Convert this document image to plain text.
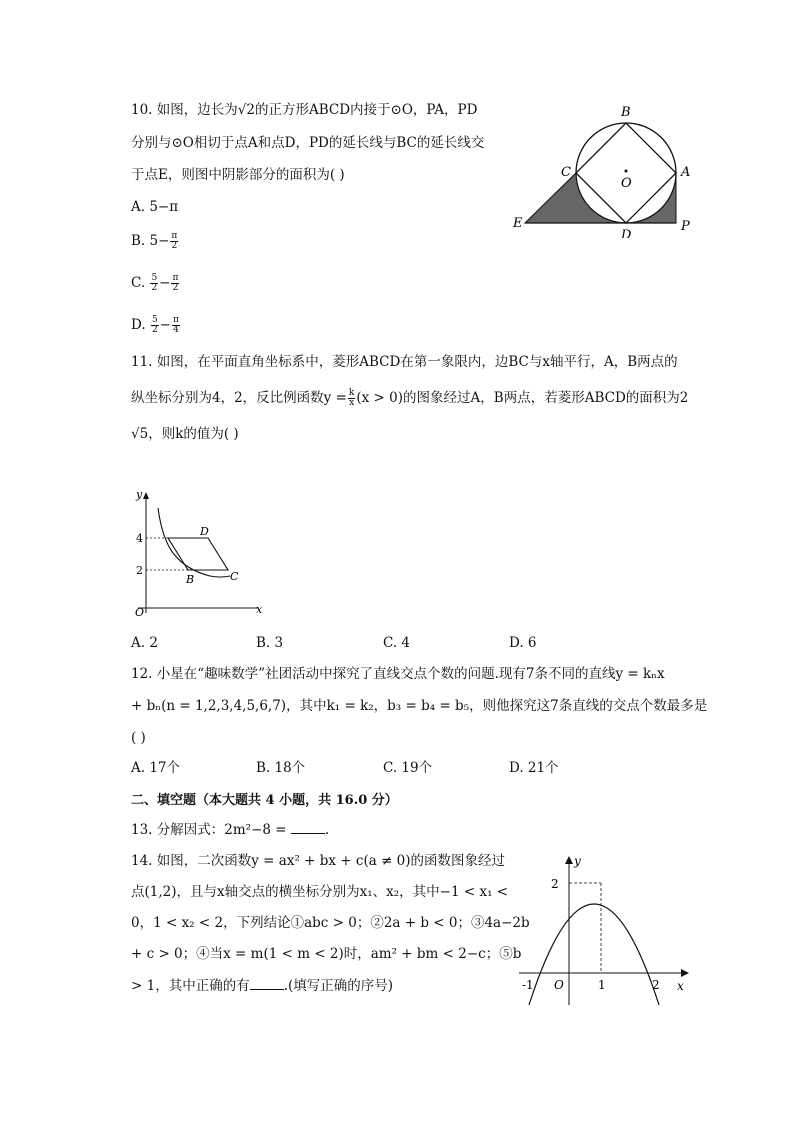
10. 如图，边长为√2的正方形ABCD内接于⊙O，PA，PD
分别与⊙O相切于点A和点D，PD的延长线与BC的延长线交
于点E，则图中阴影部分的面积为( )
A. 5−π
B. $5- \frac{\pi}{2}$
C. $\frac{5}{2} - \frac{\pi}{2}$
D. $\frac{5}{2} - \frac{\pi}{4}$
B
C
O
A
E
D
P
11. 如图，在平面直角坐标系中，菱形ABCD在第一象限内，边BC与x轴平行，A，B两点的
纵坐标分别为4，2，反比例函数$y = \frac{k}{x} (x > 0)$的图象经过A，B两点，若菱形ABCD的面积为2
√5，则k的值为( )
y
x
O
4
2
D
B	C
A. 2	B. 3	C. 4	D. 6
12. 小星在“趣味数学”社团活动中探究了直线交点个数的问题.现有7条不同的直线y = kₙx
+ bₙ(n = 1,2,3,4,5,6,7)，其中k₁ = k₂，b₃ = b₄ = b₅，则他探究这7条直线的交点个数最多是
( )
A. 17个	B. 18个	C. 19个	D. 21个
二、填空题（本大题共 4 小题，共 16.0 分）
13. 分解因式：2m²−8 =	.
14. 如图，二次函数y = ax² + bx + c(a ≠ 0)的函数图象经过
点(1,2)，且与x轴交点的横坐标分别为x₁、x₂，其中−1 < x₁ <
0，1 < x₂ < 2，下列结论①abc > 0；②2a + b < 0；③4a−2b
+ c > 0；④当x = m(1 < m < 2)时，am² + bm < 2−c；⑤b
> 1，其中正确的有	.(填写正确的序号)
y
x
O
2
-1	1	2
